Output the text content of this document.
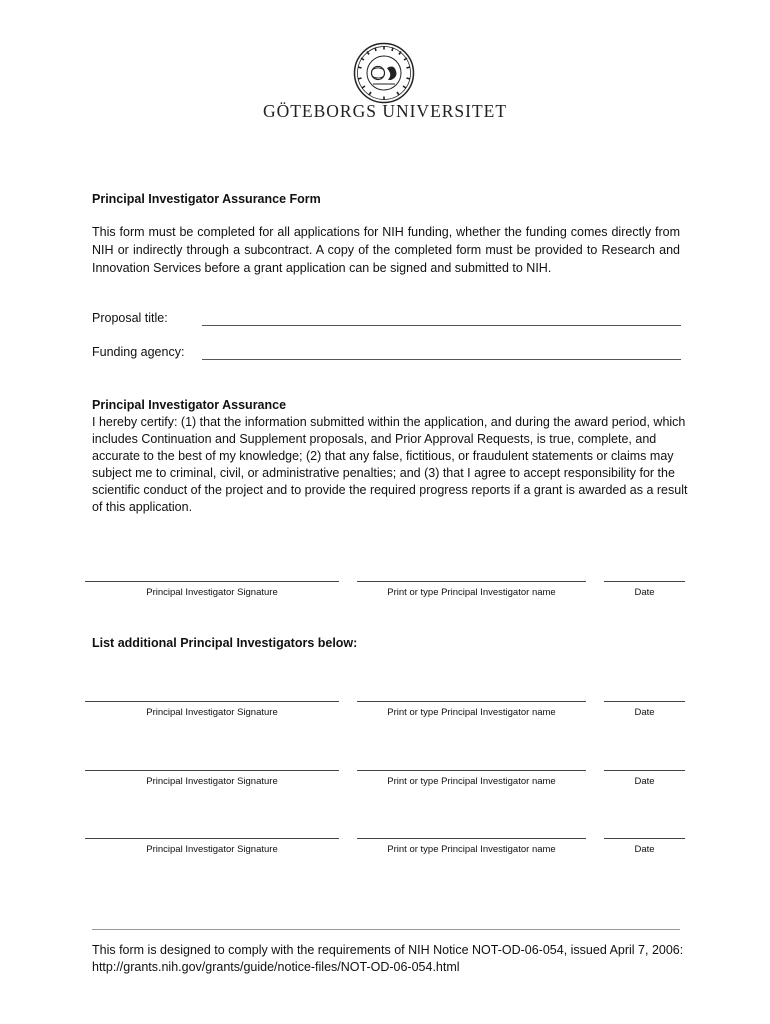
GÖTEBORGS UNIVERSITET
Principal Investigator Assurance Form

This form must be completed for all applications for NIH funding, whether the funding comes directly from NIH or indirectly through a subcontract. A copy of the completed form must be provided to Research and Innovation Services before a grant application can be signed and submitted to NIH.

Proposal title:
Funding agency:
Principal Investigator Assurance

I hereby certify: (1) that the information submitted within the application, and during the award period, which includes Continuation and Supplement proposals, and Prior Approval Requests, is true, complete, and accurate to the best of my knowledge; (2) that any false, fictitious, or fraudulent statements or claims may subject me to criminal, civil, or administrative penalties; and (3) that I agree to accept responsibility for the scientific conduct of the project and to provide the required progress reports if a grant is awarded as a result of this application.

Principal Investigator Signature	Print or type Principal Investigator name	Date
List additional Principal Investigators below:
Principal Investigator Signature	Print or type Principal Investigator name	Date
Principal Investigator Signature	Print or type Principal Investigator name	Date
Principal Investigator Signature	Print or type Principal Investigator name	Date

This form is designed to comply with the requirements of NIH Notice NOT-OD-06-054, issued April 7, 2006: http://grants.nih.gov/grants/guide/notice-files/NOT-OD-06-054.html
